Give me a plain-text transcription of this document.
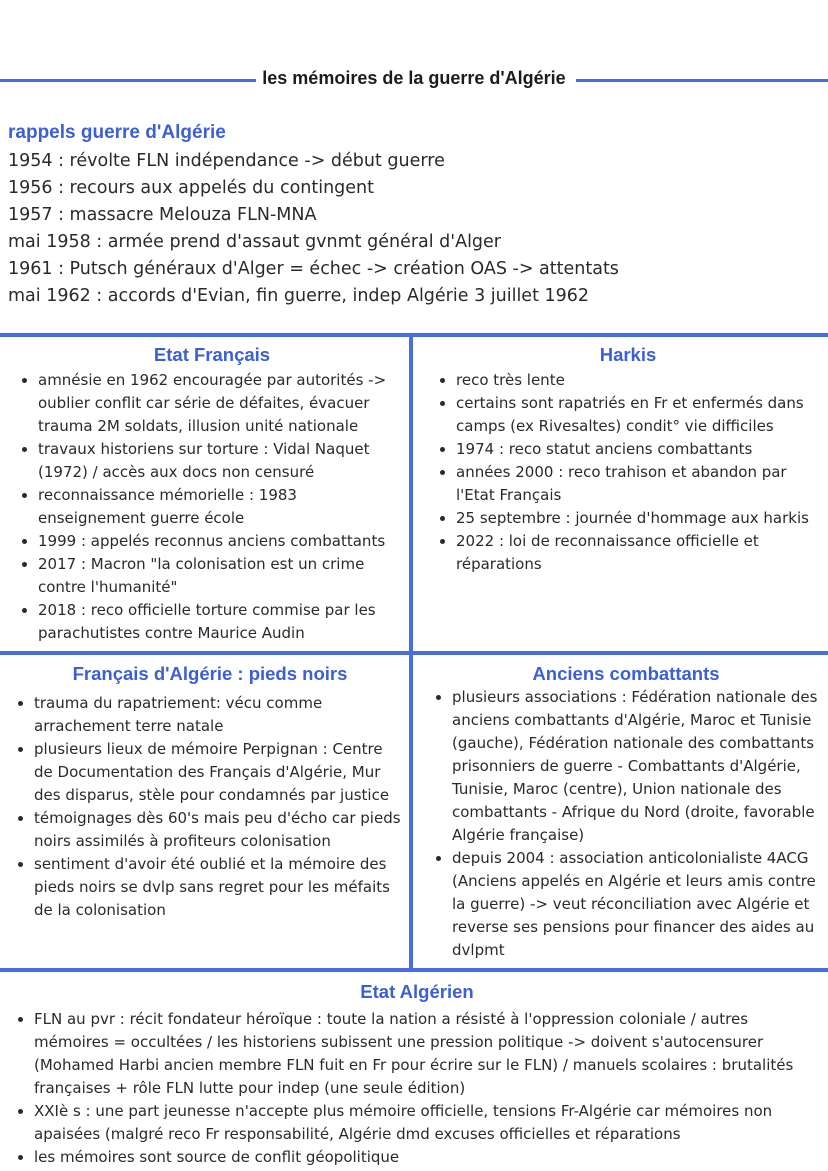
les mémoires de la guerre d'Algérie
rappels guerre d'Algérie
1954 : révolte FLN indépendance -> début guerre
1956 : recours aux appelés du contingent
1957 : massacre Melouza FLN-MNA
mai 1958 : armée prend d'assaut gvnmt général d'Alger
1961 : Putsch généraux d'Alger = échec -> création OAS -> attentats
mai 1962 : accords d'Evian, fin guerre, indep Algérie 3 juillet 1962
Etat Français
amnésie en 1962 encouragée par autorités -> oublier conflit car série de défaites, évacuer trauma 2M soldats, illusion unité nationale
travaux historiens sur torture : Vidal Naquet (1972) / accès aux docs non censuré
reconnaissance mémorielle : 1983 enseignement guerre école
1999 : appelés reconnus anciens combattants
2017 : Macron "la colonisation est un crime contre l'humanité"
2018 : reco officielle torture commise par les parachutistes contre Maurice Audin
Harkis
reco très lente
certains sont rapatriés en Fr et enfermés dans camps (ex Rivesaltes) condit° vie difficiles
1974 : reco statut anciens combattants
années 2000 : reco trahison et abandon par l'Etat Français
25 septembre : journée d'hommage aux harkis
2022 : loi de reconnaissance officielle et réparations
Français d'Algérie : pieds noirs
trauma du rapatriement: vécu comme arrachement terre natale
plusieurs lieux de mémoire Perpignan : Centre de Documentation des Français d'Algérie, Mur des disparus, stèle pour condamnés par justice
témoignages dès 60's mais peu d'écho car pieds noirs assimilés à profiteurs colonisation
sentiment d'avoir été oublié et la mémoire des pieds noirs se dvlp sans regret pour les méfaits de la colonisation
Anciens combattants
plusieurs associations : Fédération nationale des anciens combattants d'Algérie, Maroc et Tunisie (gauche), Fédération nationale des combattants prisonniers de guerre - Combattants d'Algérie, Tunisie, Maroc (centre), Union nationale des combattants - Afrique du Nord (droite, favorable Algérie française)
depuis 2004 : association anticolonialiste 4ACG (Anciens appelés en Algérie et leurs amis contre la guerre) -> veut réconciliation avec Algérie et reverse ses pensions pour financer des aides au dvlpmt
Etat Algérien
FLN au pvr : récit fondateur héroïque : toute la nation a résisté à l'oppression coloniale / autres mémoires = occultées / les historiens subissent une pression politique -> doivent s'autocensurer (Mohamed Harbi ancien membre FLN fuit en Fr pour écrire sur le FLN) / manuels scolaires : brutalités françaises + rôle FLN lutte pour indep (une seule édition)
XXIè s : une part jeunesse n'accepte plus mémoire officielle, tensions Fr-Algérie car mémoires non apaisées (malgré reco Fr responsabilité, Algérie dmd excuses officielles et réparations
les mémoires sont source de conflit géopolitique
